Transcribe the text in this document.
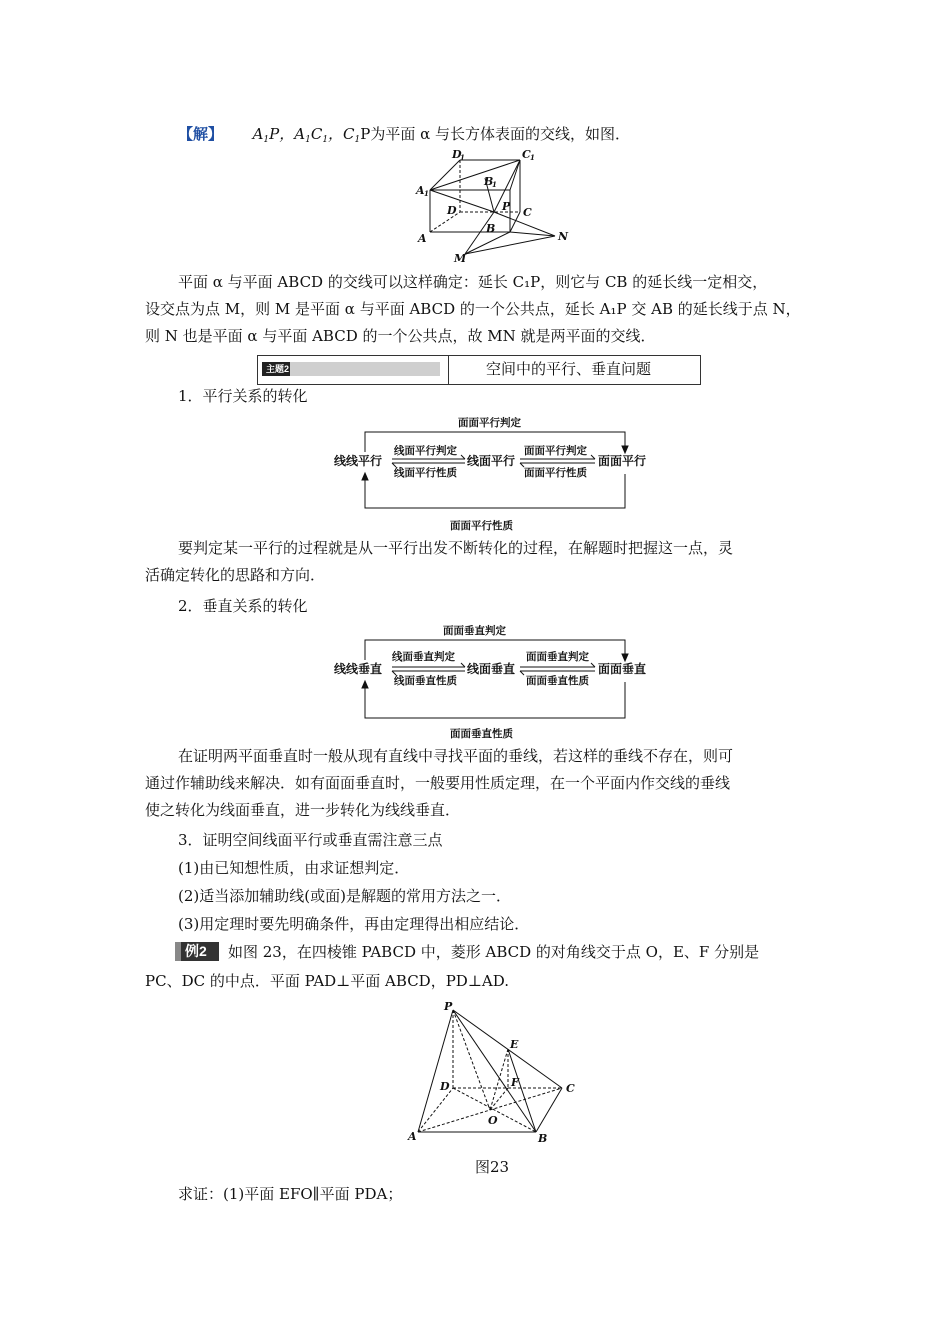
【解】 $A_1P$，$A_1C_1$，$C_1P$为平面 α 与长方体表面的交线，如图．
D
1	C 1
B
1
A 1
D	P C
A
B
M
N
平面 α 与平面 ABCD 的交线可以这样确定：延长 C₁P，则它与 CB 的延长线一定相交，
设交点为点 M，则 M 是平面 α 与平面 ABCD 的一个公共点，延长 A₁P 交 AB 的延长线于点 N，
则 N 也是平面 α 与平面 ABCD 的一个公共点，故 MN 就是两平面的交线．
主题2	空间中的平行、垂直问题
1．平行关系的转化
面面平行判定
面面平行性质
线线平行	线面平行	面面平行
线面平行判定
线面平行性质
面面平行判定
面面平行性质
要判定某一平行的过程就是从一平行出发不断转化的过程，在解题时把握这一点，灵
活确定转化的思路和方向．
2．垂直关系的转化
面面垂直判定
面面垂直性质
线线垂直	线面垂直	面面垂直
线面垂直判定
线面垂直性质
面面垂直判定
面面垂直性质
在证明两平面垂直时一般从现有直线中寻找平面的垂线，若这样的垂线不存在，则可
通过作辅助线来解决．如有面面垂直时，一般要用性质定理，在一个平面内作交线的垂线
使之转化为线面垂直，进一步转化为线线垂直．
3．证明空间线面平行或垂直需注意三点
(1)由已知想性质，由求证想判定．
(2)适当添加辅助线(或面)是解题的常用方法之一．
(3)用定理时要先明确条件，再由定理得出相应结论．
例2 如图 23，在四棱锥 PABCD 中，菱形 ABCD 的对角线交于点 O，E、F 分别是
PC、DC 的中点．平面 PAD⊥平面 ABCD，PD⊥AD.
P
E
D	F	C
O
A	B
图23
求证：(1)平面 EFO∥平面 PDA；
